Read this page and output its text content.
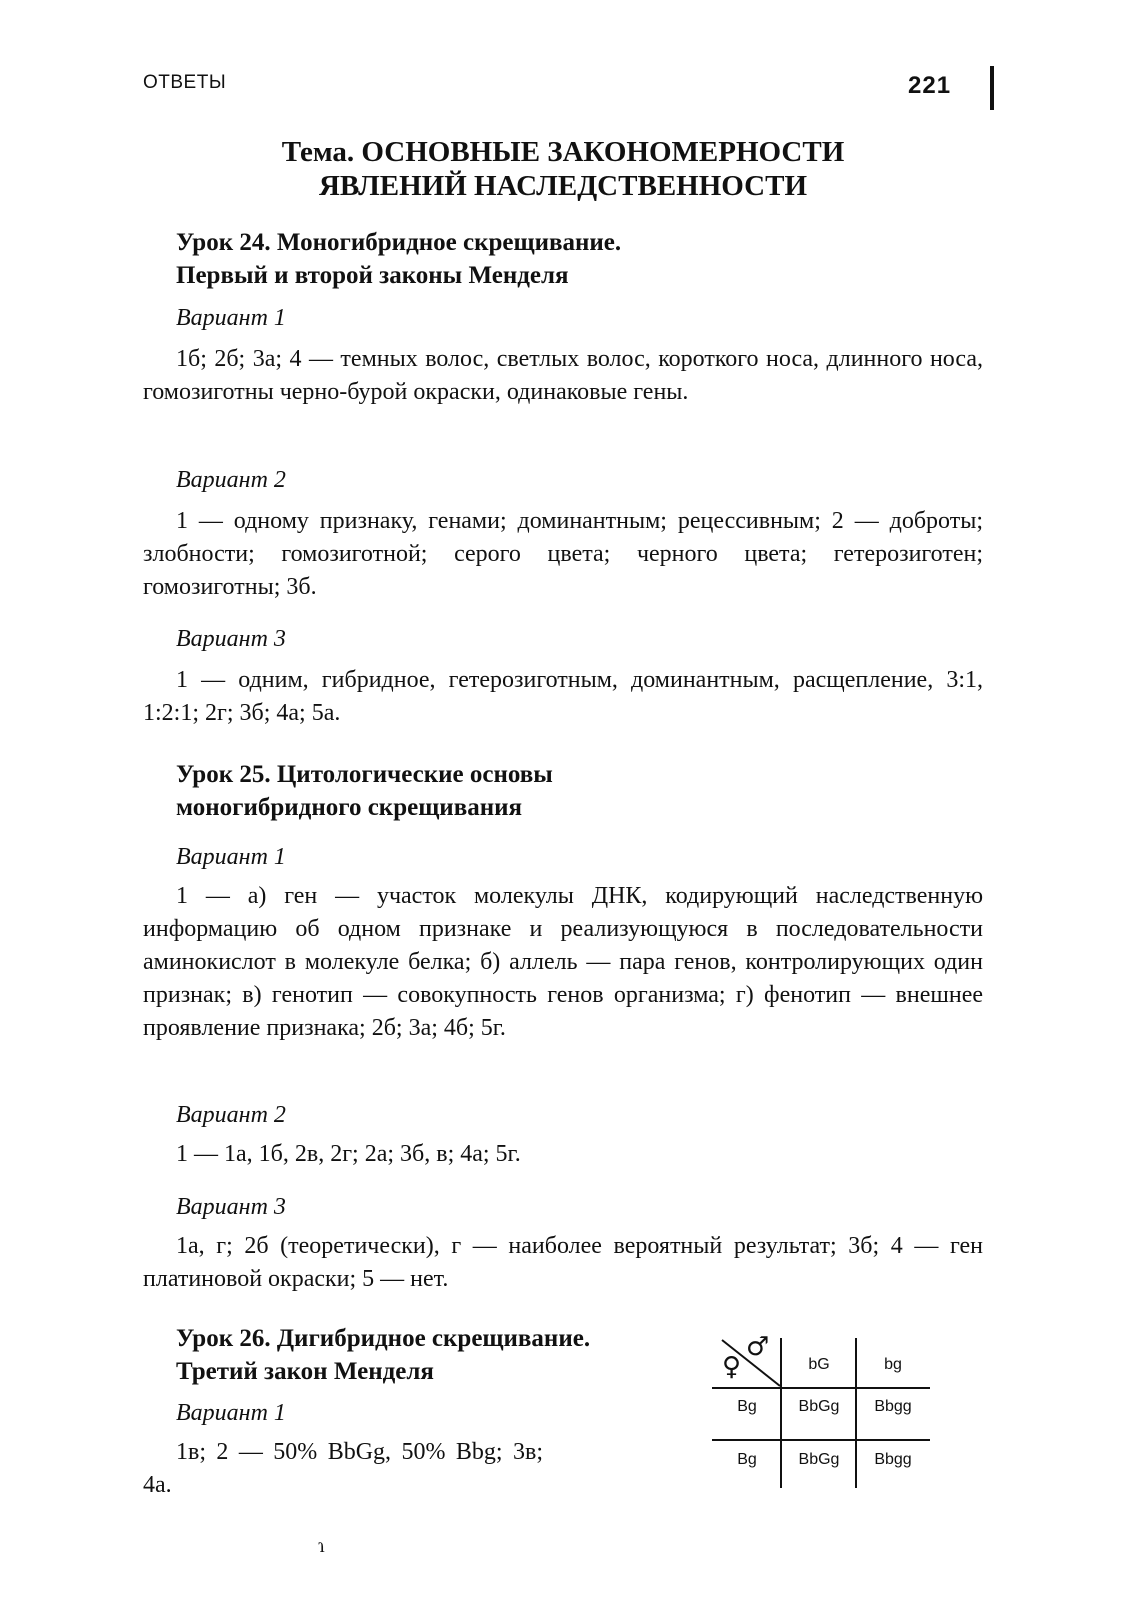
ОТВЕТЫ	221
Тема. ОСНОВНЫЕ ЗАКОНОМЕРНОСТИ
ЯВЛЕНИЙ НАСЛЕДСТВЕННОСТИ
Урок 24. Моногибридное скрещивание.
Первый и второй законы Менделя
Вариант 1

1б; 2б; 3а; 4 — темных волос, светлых волос, короткого носа, длинного носа, гомозиготны черно-бурой окраски, одинаковые гены.

Вариант 2

1 — одному признаку, генами; доминантным; рецессивным; 2 — доброты; злобности; гомозиготной; серого цвета; черного цвета; гетерозиготен; гомозиготны; 3б.

Вариант 3

1 — одним, гибридное, гетерозиготным, доминантным, расщепление, 3:1, 1:2:1; 2г; 3б; 4а; 5а.

Урок 25. Цитологические основы
моногибридного скрещивания
Вариант 1

1 — а) ген — участок молекулы ДНК, кодирующий наследственную информацию об одном признаке и реализующуюся в последовательности аминокислот в молекуле белка; б) аллель — пара генов, контролирующих один признак; в) генотип — совокупность генов организма; г) фенотип — внешнее проявление признака; 2б; 3а; 4б; 5г.

Вариант 2

1 — 1а, 1б, 2в, 2г; 2а; 3б, в; 4а; 5г.

Вариант 3

1а, г; 2б (теоретически), г — наиболее вероятный результат; 3б; 4 — ген платиновой окраски; 5 — нет.

Урок 26. Дигибридное скрещивание.
Третий закон Менделя
Вариант 1

1в; 2 — 50% BbGg, 50% Bbg; 3в; 4а.

♂
♀	bG	bg
Bg	BbGg	Bbgg
Bg	BbGg	Bbgg
ɿ
